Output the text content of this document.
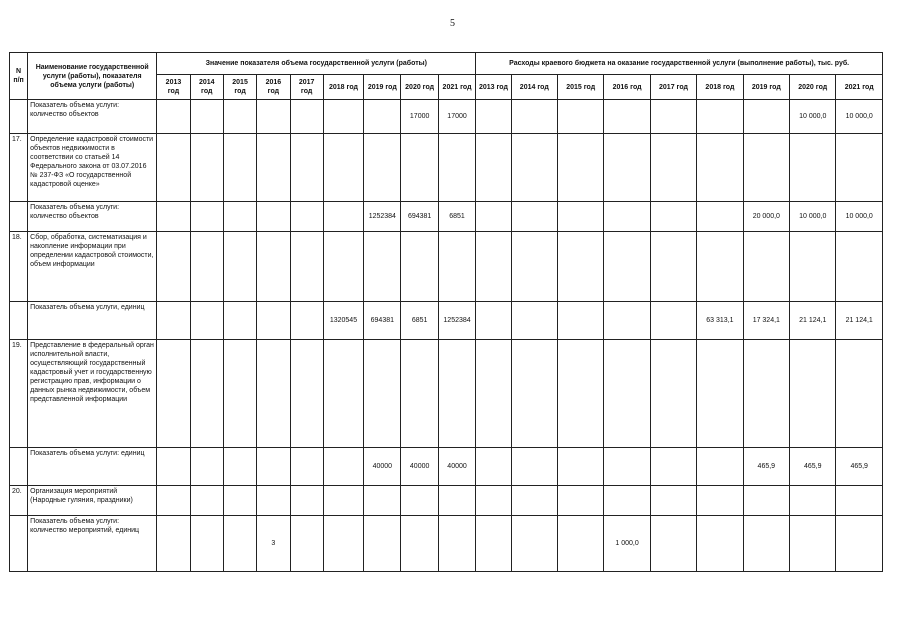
5
N п/п	Наименование государственной услуги (работы), показателя объема услуги (работы)	Значение показателя объема государственной услуги (работы)									Расходы краевого бюджета на оказание государственной услуги (выполнение работы), тыс. руб.								
		2013 год	2014 год	2015 год	2016 год	2017 год	2018 год	2019 год	2020 год	2021 год	2013 год	2014 год	2015 год	2016 год	2017 год	2018 год	2019 год	2020 год	2021 год
	Показатель объема услуги: количество объектов								17000	17000								10 000,0	10 000,0
17.	Определение кадастровой стоимости объектов недвижимости в соответствии со статьей 14 Федерального закона от 03.07.2016 № 237-ФЗ «О государственной кадастровой оценке»																		
	Показатель объема услуги: количество объектов							1252384	694381	6851							20 000,0	10 000,0	10 000,0
18.	Сбор, обработка, систематизация и накопление информации при определении кадастровой стоимости, объем информации																		
	Показатель объема услуги, единиц						1320545	694381	6851	1252384						63 313,1	17 324,1	21 124,1	21 124,1
19.	Представление в федеральный орган исполнительной власти, осуществляющий государственный кадастровый учет и государственную регистрацию прав, информации о данных рынка недвижимости, объем представленной информации																		
	Показатель объема услуги: единиц							40000	40000	40000							465,9	465,9	465,9
20.	Организация мероприятий (Народные гуляния, праздники)																		
	Показатель объема услуги: количество мероприятий, единиц				3									1 000,0					
